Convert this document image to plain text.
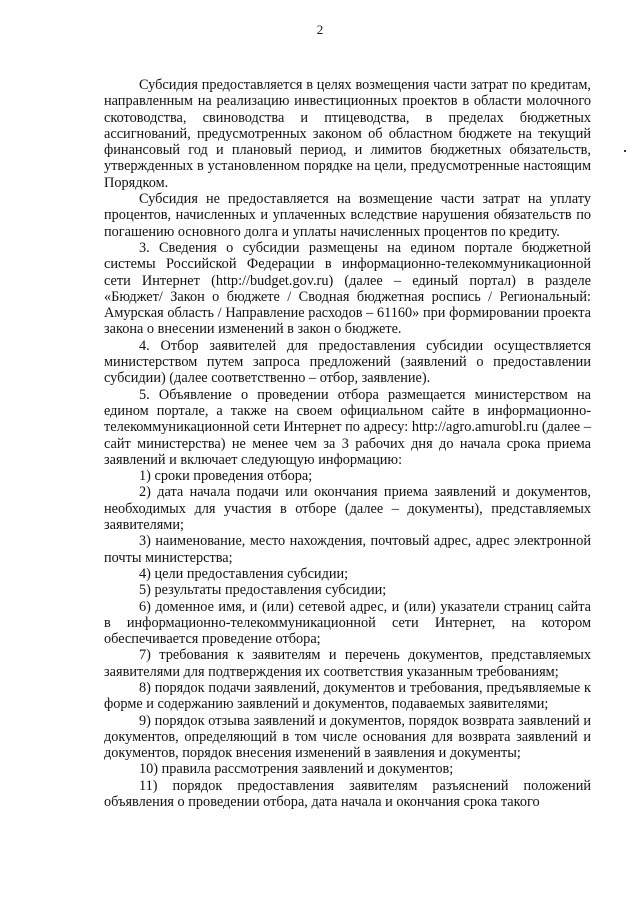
2

Субсидия предоставляется в целях возмещения части затрат по кредитам, направленным на реализацию инвестиционных проектов в области молочного скотоводства, свиноводства и птицеводства, в пределах бюджетных ассигнований, предусмотренных законом об областном бюджете на текущий финансовый год и плановый период, и лимитов бюджетных обязательств, утвержденных в установленном порядке на цели, предусмотренные настоящим Порядком.

Субсидия не предоставляется на возмещение части затрат на уплату процентов, начисленных и уплаченных вследствие нарушения обязательств по погашению основного долга и уплаты начисленных процентов по кредиту.

3. Сведения о субсидии размещены на едином портале бюджетной системы Российской Федерации в информационно-телекоммуникационной сети Интернет (http://budget.gov.ru) (далее – единый портал) в разделе «Бюджет/ Закон о бюджете / Сводная бюджетная роспись / Региональный: Амурская область / Направление расходов – 61160» при формировании проекта закона о внесении изменений в закон о бюджете.

4. Отбор заявителей для предоставления субсидии осуществляется министерством путем запроса предложений (заявлений о предоставлении субсидии) (далее соответственно – отбор, заявление).

5. Объявление о проведении отбора размещается министерством на едином портале, а также на своем официальном сайте в информационно-телекоммуникационной сети Интернет по адресу: http://agro.amurobl.ru (далее – сайт министерства) не менее чем за 3 рабочих дня до начала срока приема заявлений и включает следующую информацию:

1) сроки проведения отбора;

2) дата начала подачи или окончания приема заявлений и документов, необходимых для участия в отборе (далее – документы), представляемых заявителями;

3) наименование, место нахождения, почтовый адрес, адрес электронной почты министерства;

4) цели предоставления субсидии;

5) результаты предоставления субсидии;

6) доменное имя, и (или) сетевой адрес, и (или) указатели страниц сайта в информационно-телекоммуникационной сети Интернет, на котором обеспечивается проведение отбора;

7) требования к заявителям и перечень документов, представляемых заявителями для подтверждения их соответствия указанным требованиям;

8) порядок подачи заявлений, документов и требования, предъявляемые к форме и содержанию заявлений и документов, подаваемых заявителями;

9) порядок отзыва заявлений и документов, порядок возврата заявлений и документов, определяющий в том числе основания для возврата заявлений и документов, порядок внесения изменений в заявления и документы;

10) правила рассмотрения заявлений и документов;

11) порядок предоставления заявителям разъяснений положений объявления о проведении отбора, дата начала и окончания срока такого
